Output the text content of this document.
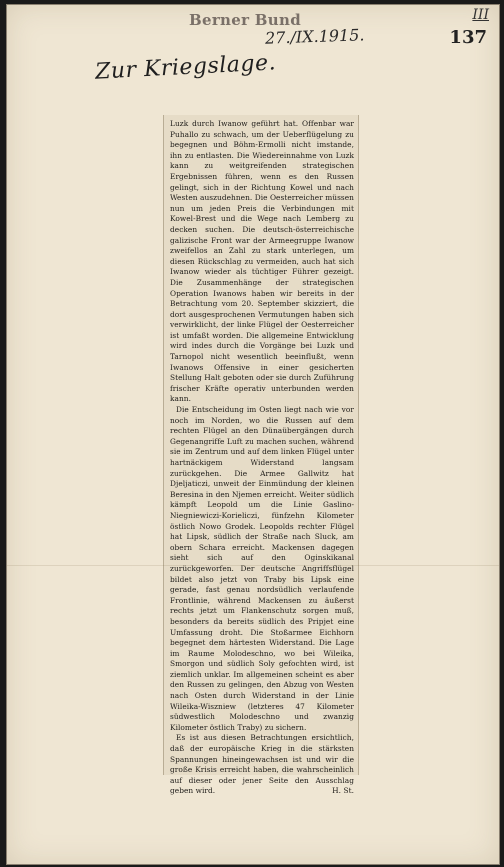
Berner Bund
27./IX.1915.
III
137
Zur Kriegslage.

Luzk durch Iwanow geführt hat. Offenbar war Puhallo zu schwach, um der Ueberflügelung zu begegnen und Böhm-Ermolli nicht imstande, ihn zu entlasten. Die Wiedereinnahme von Luzk kann zu weitgreifenden strategischen Ergebnissen führen, wenn es den Russen gelingt, sich in der Richtung Kowel und nach Westen auszudehnen. Die Oesterreicher müssen nun um jeden Preis die Verbindungen mit Kowel-Brest und die Wege nach Lemberg zu decken suchen. Die deutsch-österreichische galizische Front war der Armeegruppe Iwanow zweifellos an Zahl zu stark unterlegen, um diesen Rückschlag zu vermeiden, auch hat sich Iwanow wieder als tüchtiger Führer gezeigt. Die Zusammenhänge der strategischen Operation Iwanows haben wir bereits in der Betrachtung vom 20. September skizziert, die dort ausgesprochenen Vermutungen haben sich verwirklicht, der linke Flügel der Oesterreicher ist umfaßt worden. Die allgemeine Entwicklung wird indes durch die Vorgänge bei Luzk und Tarnopol nicht wesentlich beeinflußt, wenn Iwanows Offensive in einer gesicherten Stellung Halt geboten oder sie durch Zuführung frischer Kräfte operativ unterbunden werden kann.

Die Entscheidung im Osten liegt nach wie vor noch im Norden, wo die Russen auf dem rechten Flügel an den Dünaübergängen durch Gegenangriffe Luft zu machen suchen, während sie im Zentrum und auf dem linken Flügel unter hartnäckigem Widerstand langsam zurückgehen. Die Armee Gallwitz hat Djeljaticzi, unweit der Einmündung der kleinen Beresina in den Njemen erreicht. Weiter südlich kämpft Leopold um die Linie Gaslino-Niegniewiczi-Korieliczi, fünfzehn Kilometer östlich Nowo Grodek. Leopolds rechter Flügel hat Lipsk, südlich der Straße nach Sluck, am obern Schara erreicht. Mackensen dagegen sieht sich auf den Oginskikanal zurückgeworfen. Der deutsche Angriffsflügel bildet also jetzt von Traby bis Lipsk eine gerade, fast genau nordsüdlich verlaufende Frontlinie, während Mackensen zu äußerst rechts jetzt um Flankenschutz sorgen muß, besonders da bereits südlich des Pripjet eine Umfassung droht. Die Stoßarmee Eichhorn begegnet dem härtesten Widerstand. Die Lage im Raume Molodeschno, wo bei Wileika, Smorgon und südlich Soly gefochten wird, ist ziemlich unklar. Im allgemeinen scheint es aber den Russen zu gelingen, den Abzug von Westen nach Osten durch Widerstand in der Linie Wileika-Wiszniew (letzteres 47 Kilometer südwestlich Molodeschno und zwanzig Kilometer östlich Traby) zu sichern.

Es ist aus diesen Betrachtungen ersichtlich, daß der europäische Krieg in die stärksten Spannungen hineingewachsen ist und wir die große Krisis erreicht haben, die wahrscheinlich auf dieser oder jener Seite den Ausschlag geben wird.	H. St.
